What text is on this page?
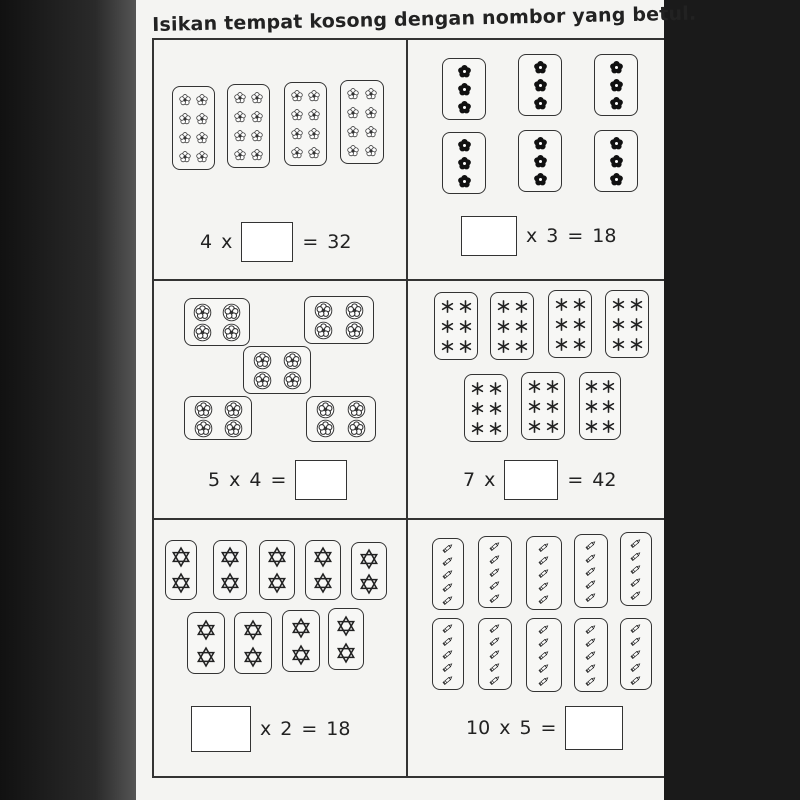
Isikan tempat kosong dengan nombor yang betul.
4 x	= 32	x 3 = 18
5 x 4 =	7 x	= 42
x 2 = 18	10 x 5 =
